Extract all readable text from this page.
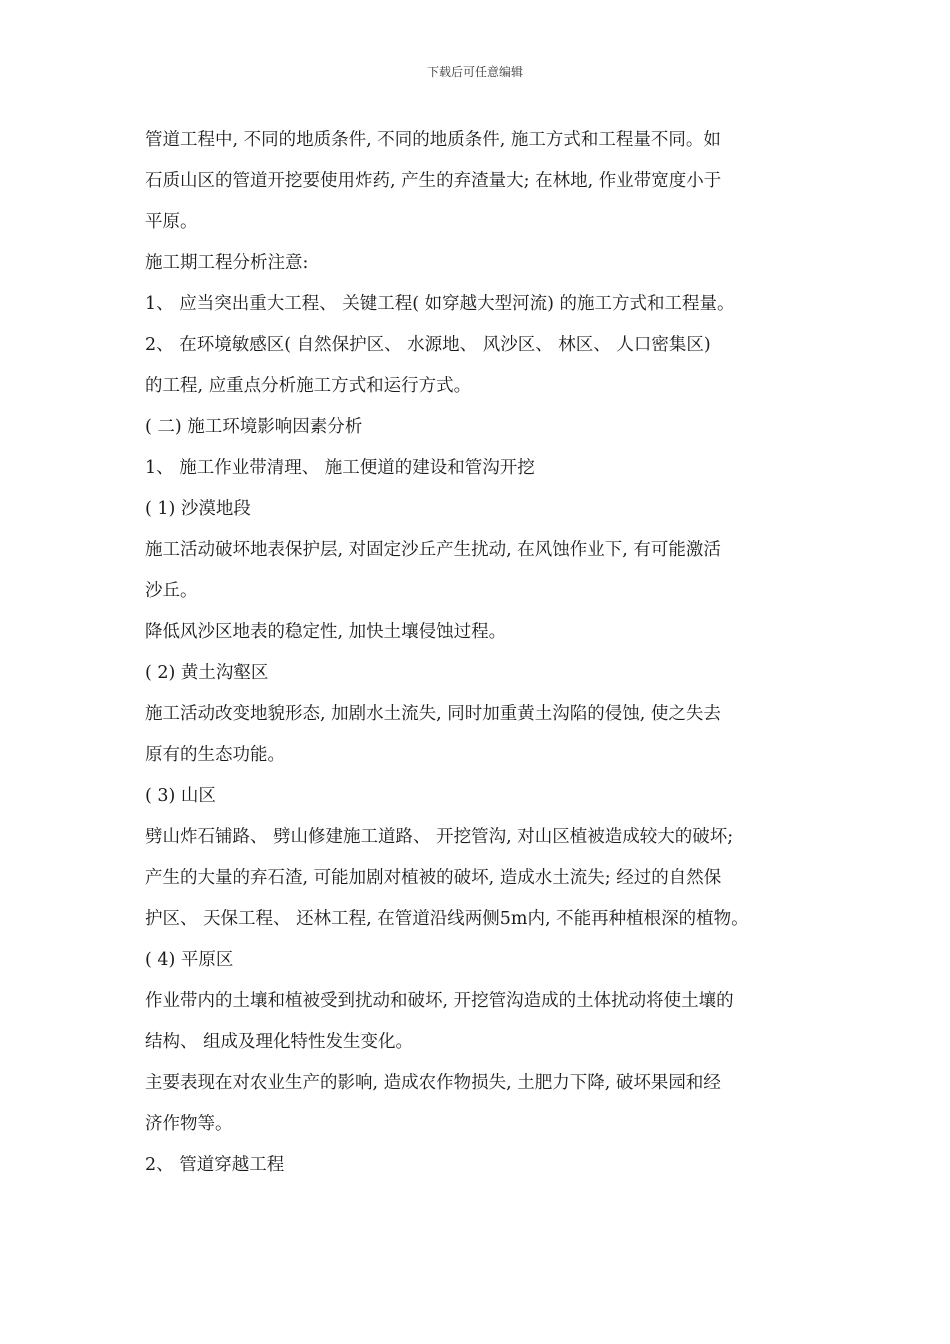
下载后可任意编辑
管道工程中, 不同的地质条件, 不同的地质条件, 施工方式和工程量不同。如
石质山区的管道开挖要使用炸药, 产生的弃渣量大; 在林地, 作业带宽度小于
平原。
施工期工程分析注意:
1、 应当突出重大工程、 关键工程( 如穿越大型河流) 的施工方式和工程量。
2、 在环境敏感区( 自然保护区、 水源地、 风沙区、 林区、 人口密集区)
的工程, 应重点分析施工方式和运行方式。
( 二) 施工环境影响因素分析
1、 施工作业带清理、 施工便道的建设和管沟开挖
( 1) 沙漠地段
施工活动破坏地表保护层, 对固定沙丘产生扰动, 在风蚀作业下, 有可能激活
沙丘。
降低风沙区地表的稳定性, 加快土壤侵蚀过程。
( 2) 黄土沟壑区
施工活动改变地貌形态, 加剧水土流失, 同时加重黄土沟陷的侵蚀, 使之失去
原有的生态功能。
( 3) 山区
劈山炸石铺路、 劈山修建施工道路、 开挖管沟, 对山区植被造成较大的破坏;
产生的大量的弃石渣, 可能加剧对植被的破坏, 造成水土流失; 经过的自然保
护区、 天保工程、 还林工程, 在管道沿线两侧5m内, 不能再种植根深的植物。
( 4) 平原区
作业带内的土壤和植被受到扰动和破坏, 开挖管沟造成的土体扰动将使土壤的
结构、 组成及理化特性发生变化。
主要表现在对农业生产的影响, 造成农作物损失, 土肥力下降, 破坏果园和经
济作物等。
2、 管道穿越工程
